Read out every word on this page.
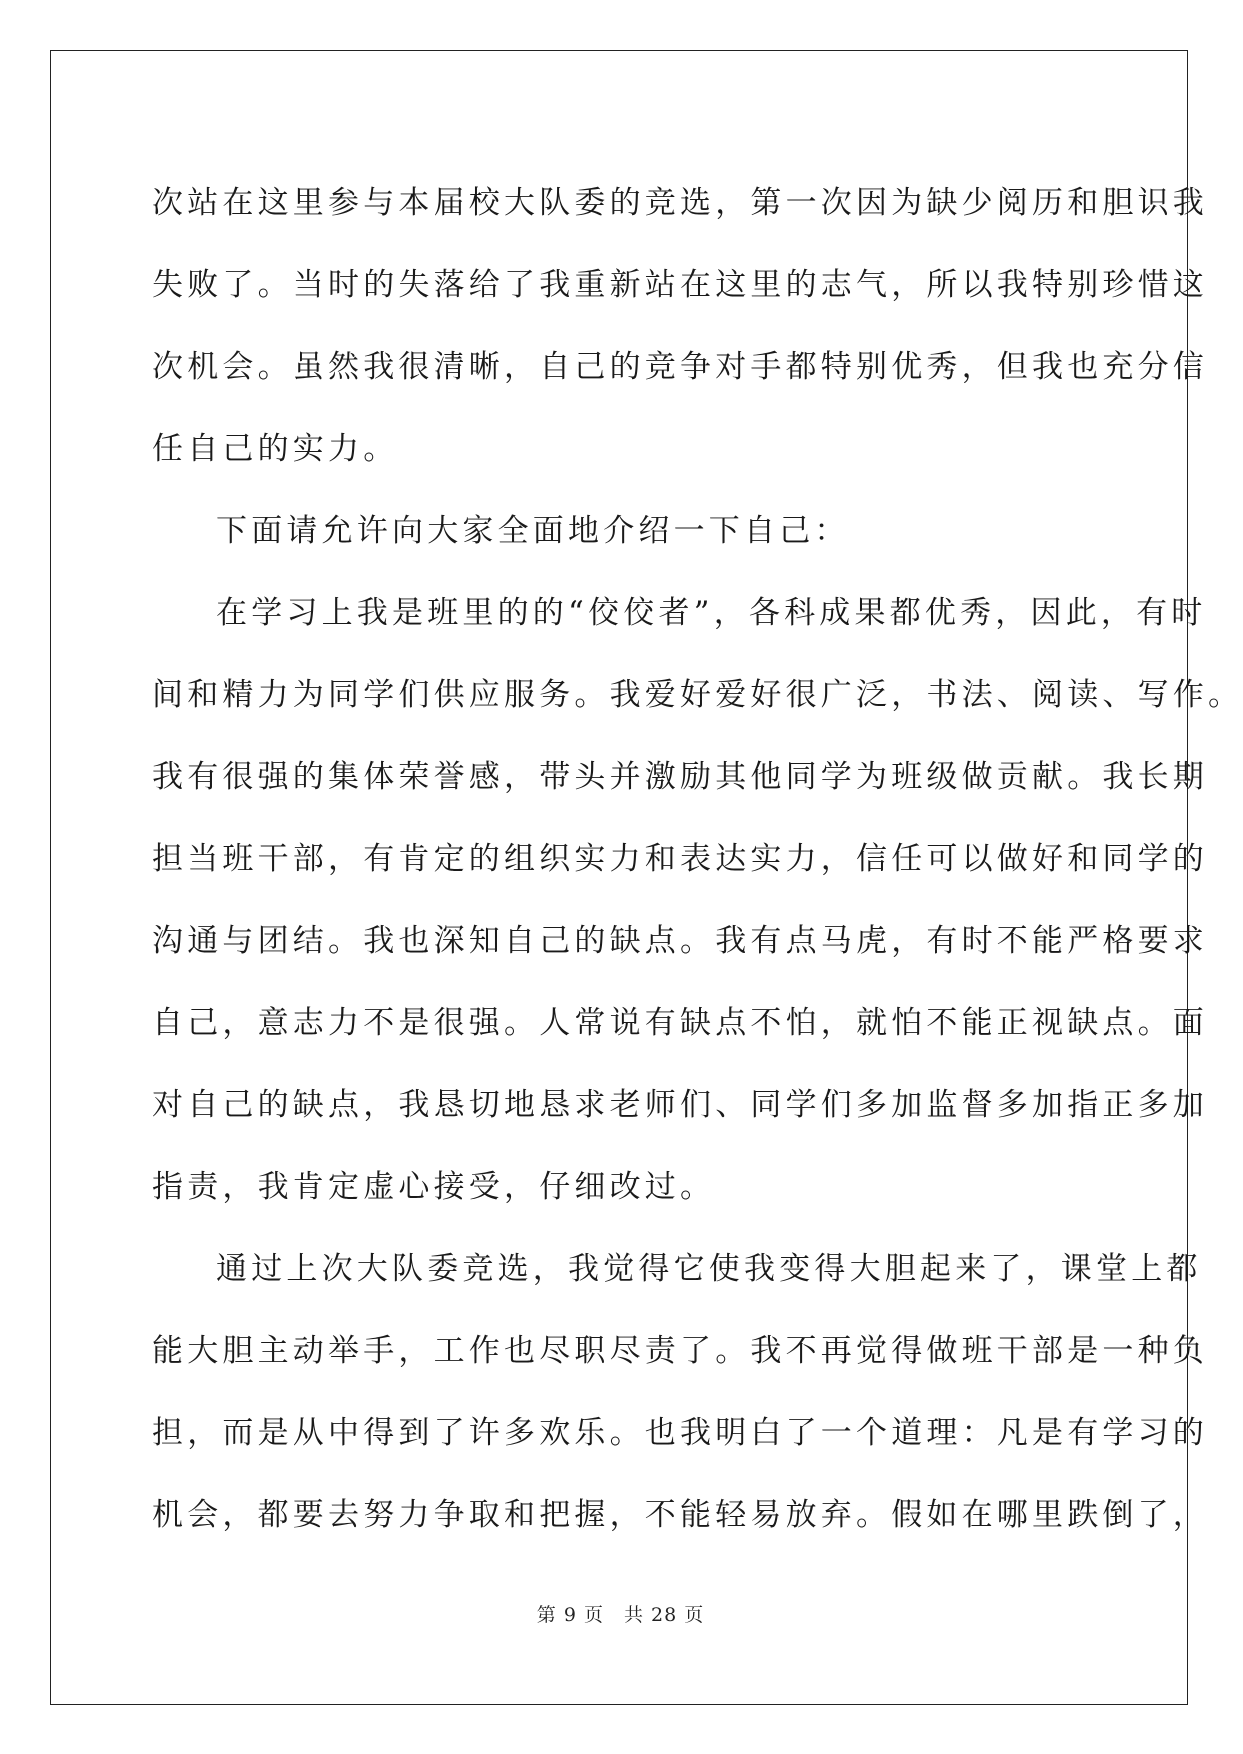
次站在这里参与本届校大队委的竞选，第一次因为缺少阅历和胆识我
失败了。当时的失落给了我重新站在这里的志气，所以我特别珍惜这
次机会。虽然我很清晰，自己的竞争对手都特别优秀，但我也充分信
任自己的实力。
下面请允许向大家全面地介绍一下自己：
在学习上我是班里的的“佼佼者”，各科成果都优秀，因此，有时
间和精力为同学们供应服务。我爱好爱好很广泛，书法、阅读、写作。
我有很强的集体荣誉感，带头并激励其他同学为班级做贡献。我长期
担当班干部，有肯定的组织实力和表达实力，信任可以做好和同学的
沟通与团结。我也深知自己的缺点。我有点马虎，有时不能严格要求
自己，意志力不是很强。人常说有缺点不怕，就怕不能正视缺点。面
对自己的缺点，我恳切地恳求老师们、同学们多加监督多加指正多加
指责，我肯定虚心接受，仔细改过。
通过上次大队委竞选，我觉得它使我变得大胆起来了，课堂上都
能大胆主动举手，工作也尽职尽责了。我不再觉得做班干部是一种负
担，而是从中得到了许多欢乐。也我明白了一个道理：凡是有学习的
机会，都要去努力争取和把握，不能轻易放弃。假如在哪里跌倒了，
第 9 页　共 28 页
